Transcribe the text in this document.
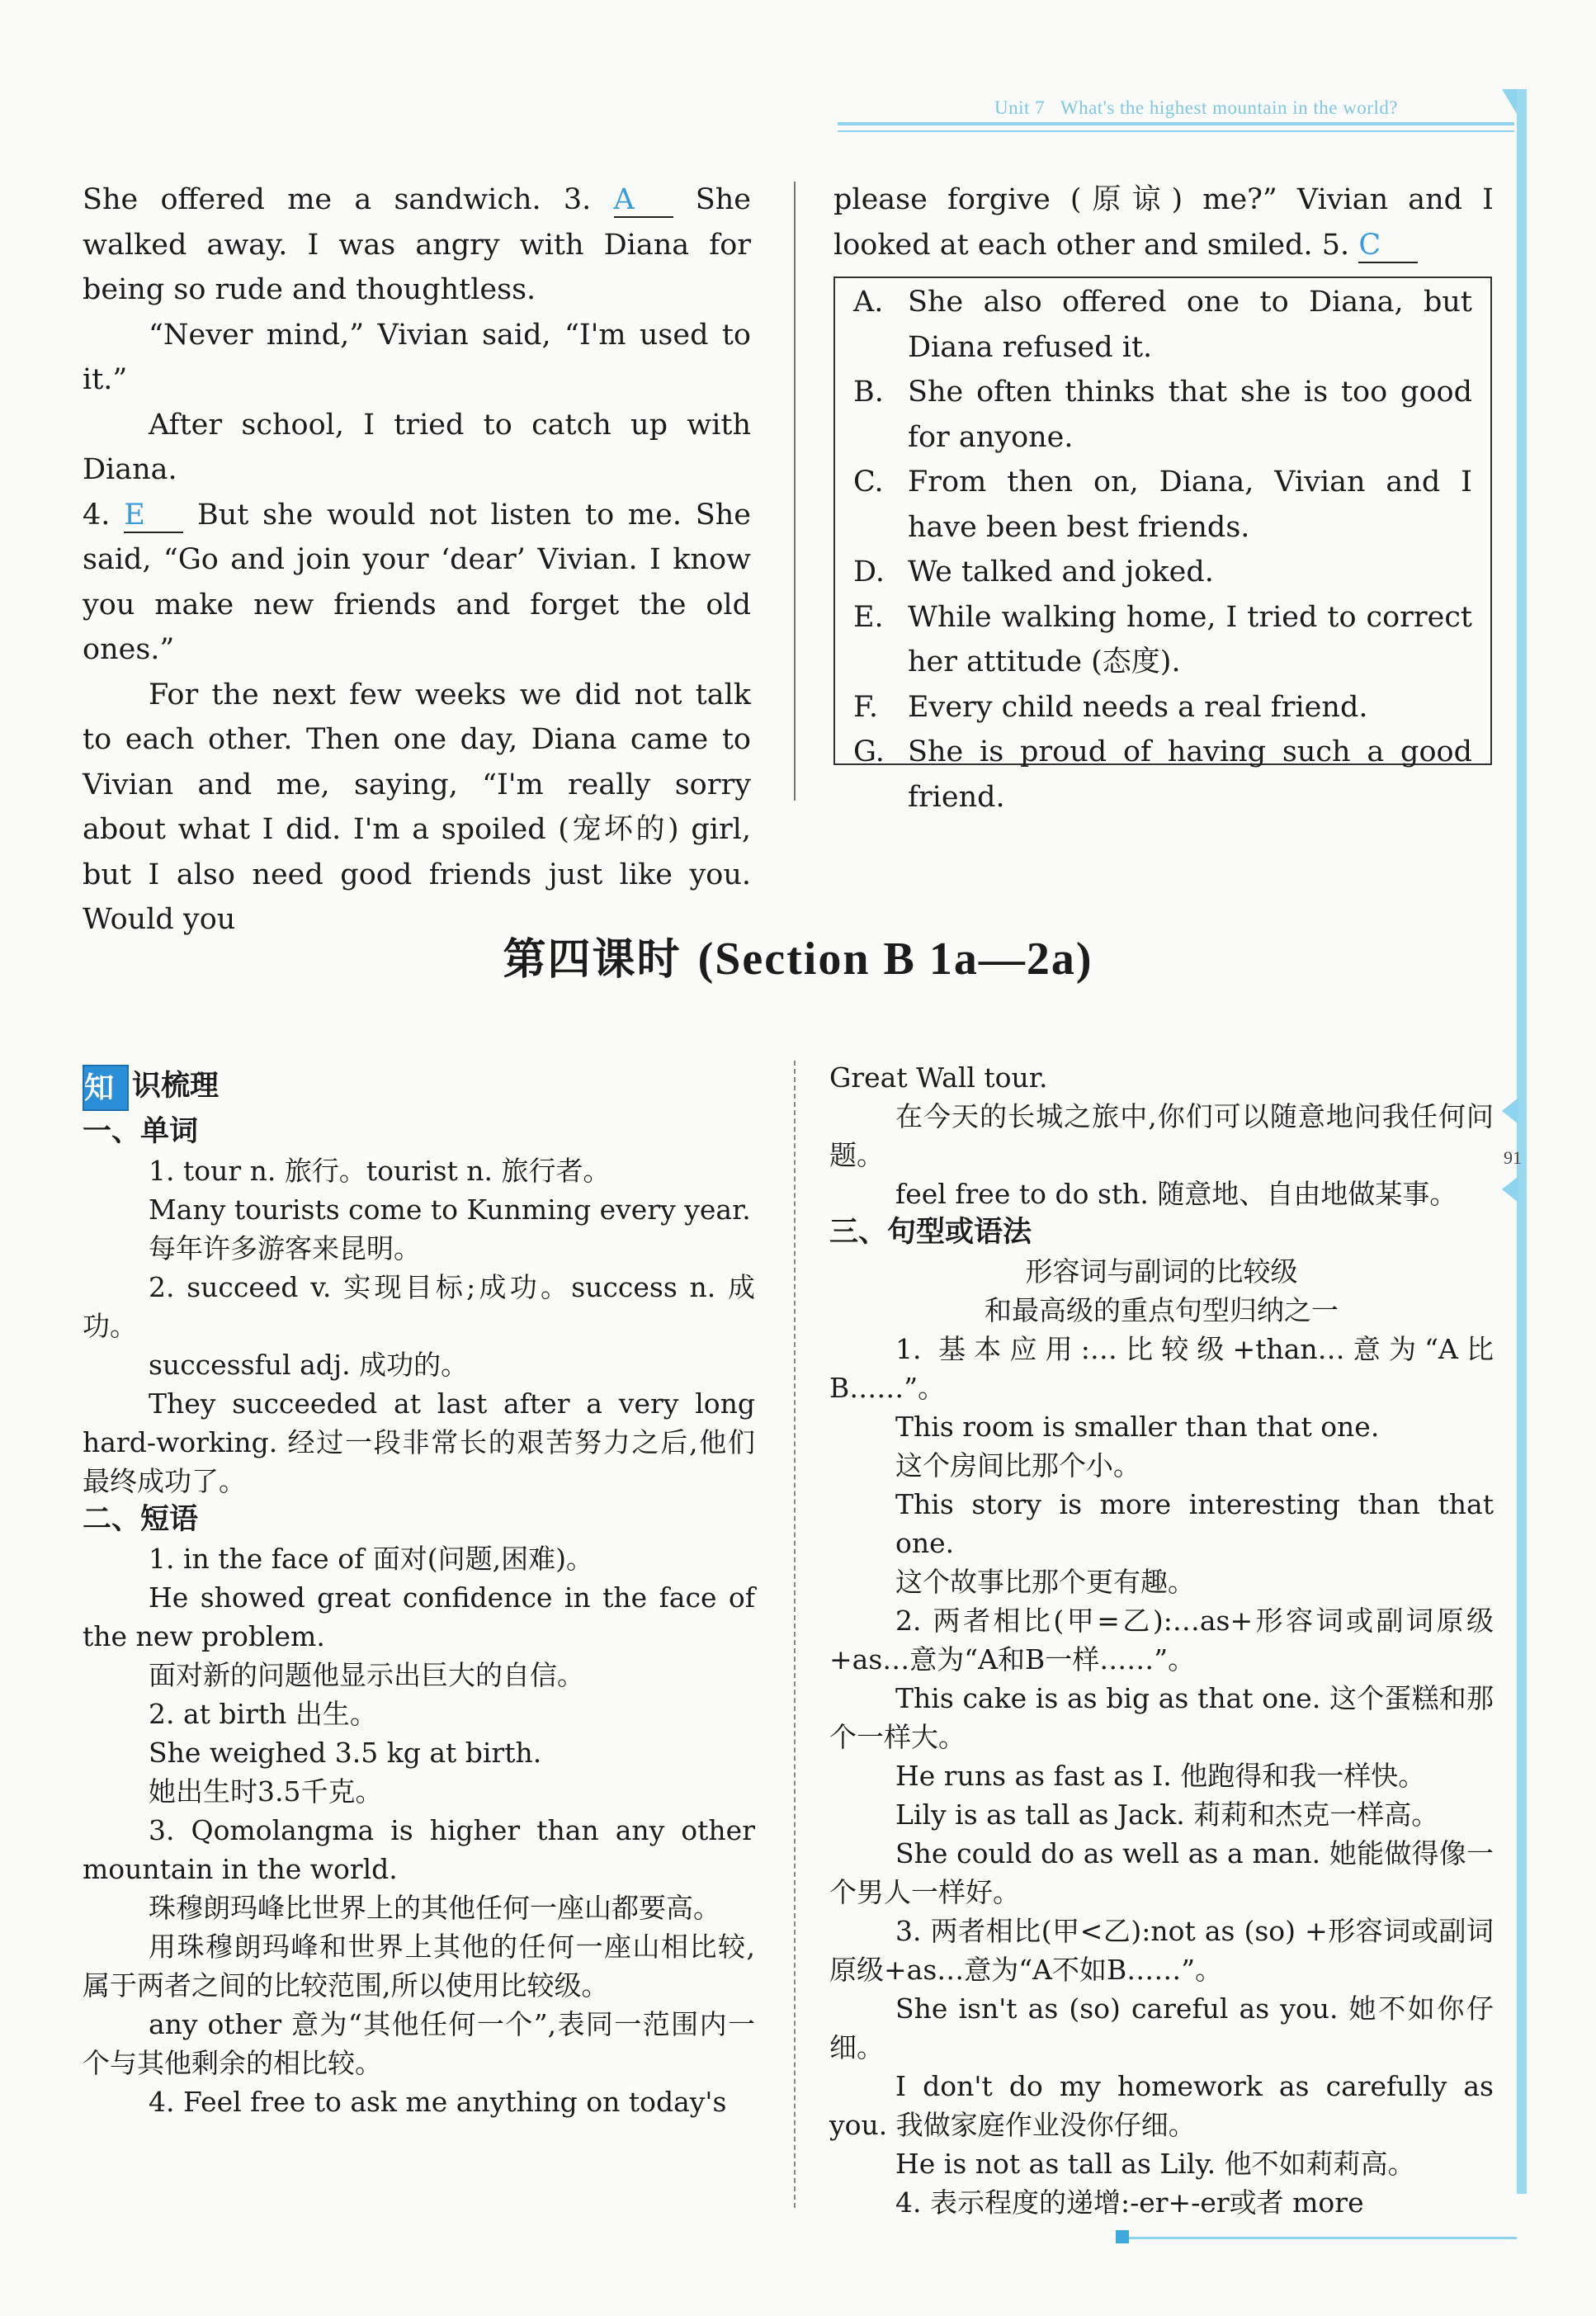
Unit 7 What's the highest mountain in the world?
91

She offered me a sandwich. 3. A She walked away. I was angry with Diana for being so rude and thoughtless.

“Never mind,” Vivian said, “I'm used to it.”

After school, I tried to catch up with Diana.

4. E But she would not listen to me. She said, “Go and join your ‘dear’ Vivian. I know you make new friends and forget the old ones.”

For the next few weeks we did not talk to each other. Then one day, Diana came to Vivian and me, saying, “I'm really sorry about what I did. I'm a spoiled (宠坏的) girl, but I also need good friends just like you. Would you

please forgive (原谅) me?” Vivian and I looked at each other and smiled. 5. C

A. She also offered one to Diana, but Diana refused it.
B. She often thinks that she is too good for anyone.
C. From then on, Diana, Vivian and I have been best friends.
D. We talked and joked.
E. While walking home, I tried to correct her attitude (态度).
F.	Every child needs a real friend.
G. She is proud of having such a good friend.
第四课时 (Section B 1a—2a)

知 识梳理

一、单词

1. tour n. 旅行。tourist n. 旅行者。

Many tourists come to Kunming every year.

每年许多游客来昆明。

2. succeed v. 实现目标;成功。success n. 成功。

successful adj. 成功的。

They succeeded at last after a very long hard-working. 经过一段非常长的艰苦努力之后,他们最终成功了。

二、短语

1. in the face of 面对(问题,困难)。

He showed great confidence in the face of the new problem.

面对新的问题他显示出巨大的自信。

2. at birth 出生。

She weighed 3.5 kg at birth.

她出生时3.5千克。

3. Qomolangma is higher than any other mountain in the world.

珠穆朗玛峰比世界上的其他任何一座山都要高。

用珠穆朗玛峰和世界上其他的任何一座山相比较,属于两者之间的比较范围,所以使用比较级。

any other 意为“其他任何一个”,表同一范围内一个与其他剩余的相比较。

4. Feel free to ask me anything on today's

Great Wall tour.

在今天的长城之旅中,你们可以随意地问我任何问题。

feel free to do sth. 随意地、自由地做某事。

三、句型或语法

形容词与副词的比较级

和最高级的重点句型归纳之一

1. 基本应用:…比较级+than…意为“A比B……”。

This room is smaller than that one.

这个房间比那个小。

This story is more interesting than that one.

这个故事比那个更有趣。

2. 两者相比(甲=乙):…as+形容词或副词原级+as…意为“A和B一样……”。

This cake is as big as that one. 这个蛋糕和那个一样大。

He runs as fast as I. 他跑得和我一样快。

Lily is as tall as Jack. 莉莉和杰克一样高。

She could do as well as a man. 她能做得像一个男人一样好。

3. 两者相比(甲<乙):not as (so) +形容词或副词原级+as…意为“A不如B……”。

She isn't as (so) careful as you. 她不如你仔细。

I don't do my homework as carefully as you. 我做家庭作业没你仔细。

He is not as tall as Lily. 他不如莉莉高。

4. 表示程度的递增:-er+-er或者 more
